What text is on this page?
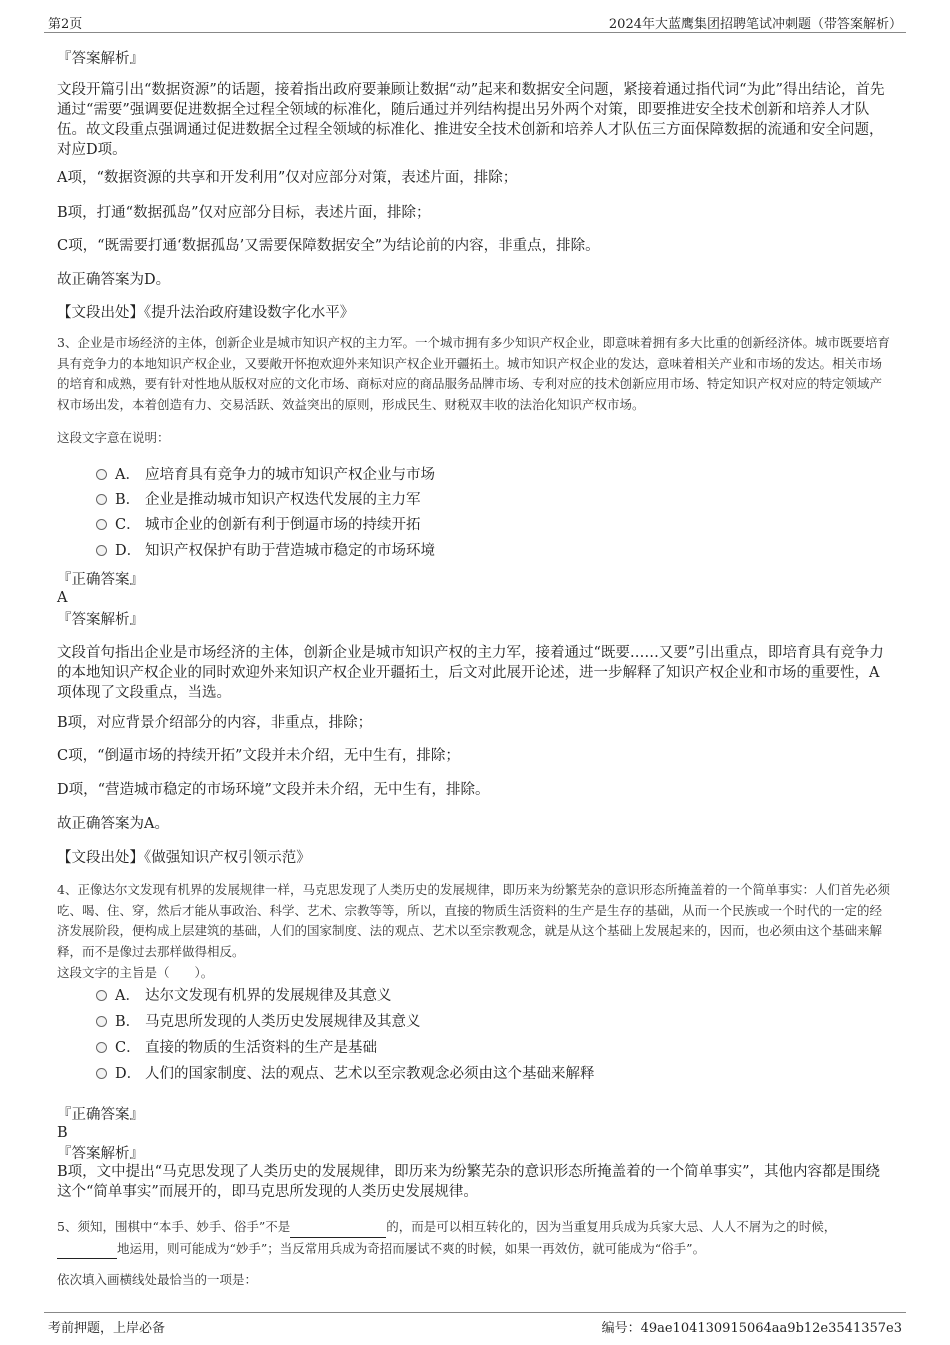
第2页	2024年大蓝鹰集团招聘笔试冲刺题（带答案解析）
『答案解析』
文段开篇引出“数据资源”的话题，接着指出政府要兼顾让数据“动”起来和数据安全问题，紧接着通过指代词“为此”得出结论，首先通过“需要”强调要促进数据全过程全领域的标准化，随后通过并列结构提出另外两个对策，即要推进安全技术创新和培养人才队伍。故文段重点强调通过促进数据全过程全领域的标准化、推进安全技术创新和培养人才队伍三方面保障数据的流通和安全问题，对应D项。
A项，“数据资源的共享和开发利用”仅对应部分对策，表述片面，排除；
B项，打通“数据孤岛”仅对应部分目标，表述片面，排除；
C项，“既需要打通‘数据孤岛’又需要保障数据安全”为结论前的内容，非重点，排除。
故正确答案为D。
【文段出处】《提升法治政府建设数字化水平》
3、企业是市场经济的主体，创新企业是城市知识产权的主力军。一个城市拥有多少知识产权企业，即意味着拥有多大比重的创新经济体。城市既要培育具有竞争力的本地知识产权企业，又要敞开怀抱欢迎外来知识产权企业开疆拓土。城市知识产权企业的发达，意味着相关产业和市场的发达。相关市场的培育和成熟，要有针对性地从版权对应的文化市场、商标对应的商品服务品牌市场、专利对应的技术创新应用市场、特定知识产权对应的特定领域产权市场出发，本着创造有力、交易活跃、效益突出的原则，形成民生、财税双丰收的法治化知识产权市场。
这段文字意在说明：
A． 应培育具有竞争力的城市知识产权企业与市场
B． 企业是推动城市知识产权迭代发展的主力军
C． 城市企业的创新有利于倒逼市场的持续开拓
D． 知识产权保护有助于营造城市稳定的市场环境
『正确答案』
A
『答案解析』
文段首句指出企业是市场经济的主体，创新企业是城市知识产权的主力军，接着通过“既要……又要”引出重点，即培育具有竞争力的本地知识产权企业的同时欢迎外来知识产权企业开疆拓土，后文对此展开论述，进一步解释了知识产权企业和市场的重要性，A项体现了文段重点，当选。
B项，对应背景介绍部分的内容，非重点，排除；
C项，“倒逼市场的持续开拓”文段并未介绍，无中生有，排除；
D项，“营造城市稳定的市场环境”文段并未介绍，无中生有，排除。
故正确答案为A。
【文段出处】《做强知识产权引领示范》
4、正像达尔文发现有机界的发展规律一样，马克思发现了人类历史的发展规律，即历来为纷繁芜杂的意识形态所掩盖着的一个简单事实：人们首先必须吃、喝、住、穿，然后才能从事政治、科学、艺术、宗教等等，所以，直接的物质生活资料的生产是生存的基础，从而一个民族或一个时代的一定的经济发展阶段，便构成上层建筑的基础，人们的国家制度、法的观点、艺术以至宗教观念，就是从这个基础上发展起来的，因而，也必须由这个基础来解释，而不是像过去那样做得相反。
这段文字的主旨是（　　）。
A． 达尔文发现有机界的发展规律及其意义
B． 马克思所发现的人类历史发展规律及其意义
C． 直接的物质的生活资料的生产是基础
D． 人们的国家制度、法的观点、艺术以至宗教观念必须由这个基础来解释
『正确答案』
B
『答案解析』
B项，文中提出“马克思发现了人类历史的发展规律，即历来为纷繁芜杂的意识形态所掩盖着的一个简单事实”，其他内容都是围绕这个“简单事实”而展开的，即马克思所发现的人类历史发展规律。
5、须知，围棋中“本手、妙手、俗手”不是	的，而是可以相互转化的，因为当重复用兵成为兵家大忌、人人不屑为之的时候，
地运用，则可能成为“妙手”；当反常用兵成为奇招而屡试不爽的时候，如果一再效仿，就可能成为“俗手”。
依次填入画横线处最恰当的一项是：
考前押题，上岸必备	编号：49ae104130915064aa9b12e3541357e3
